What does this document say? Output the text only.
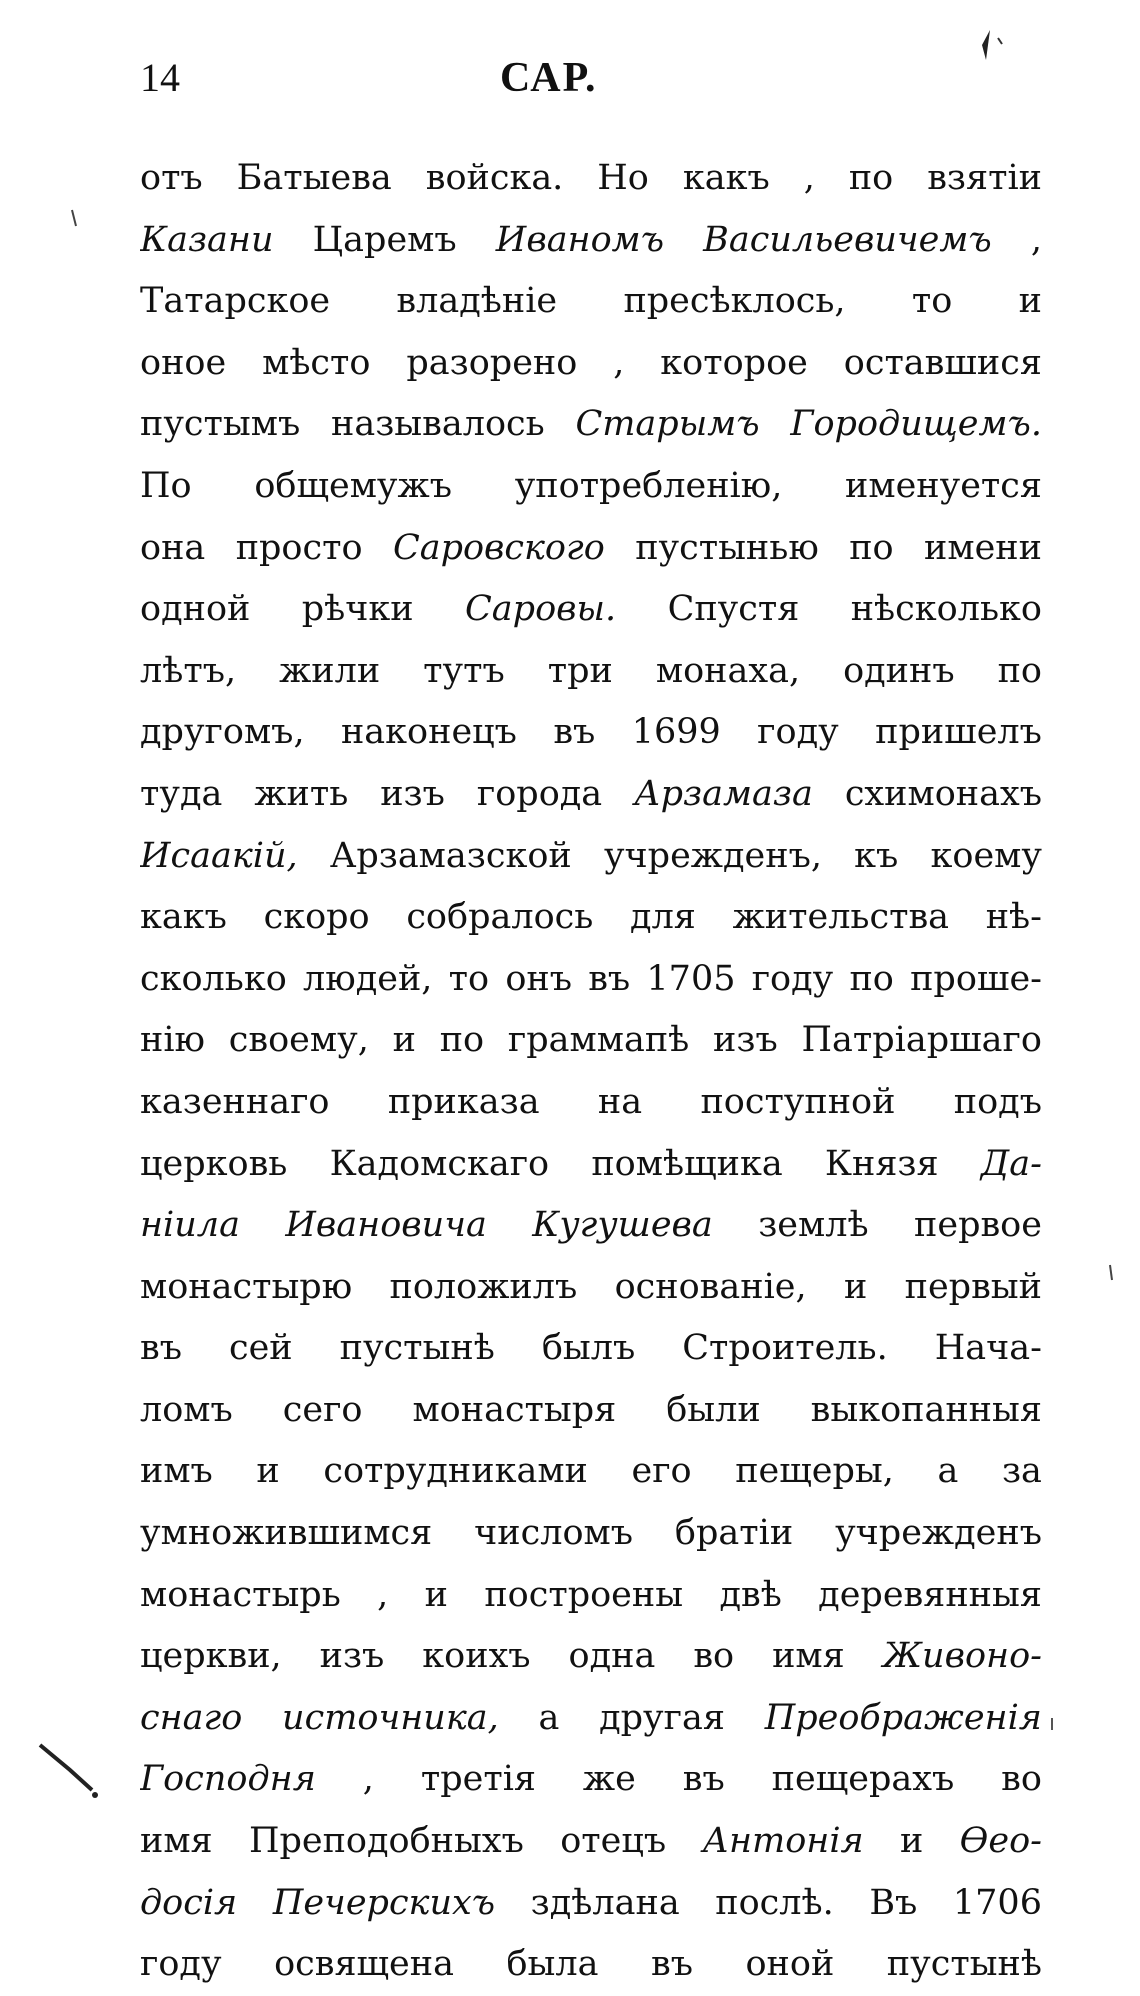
14	САР.
отъ Батыева войска. Но какъ , по взятіи
Казани Царемъ Иваномъ Васильевичемъ ,
Татарское владѣніе пресѣклось, то и
оное мѣсто разорено , которое оставшися
пустымъ называлось Старымъ Городищемъ.
По общемужъ употребленію, именуется
она просто Саровского пустынью по имени
одной рѣчки Саровы. Спустя нѣсколько
лѣтъ, жили тутъ три монаха, одинъ по
другомъ, наконецъ въ 1699 году пришелъ
туда жить изъ города Арзамаза схимонахъ
Исаакій, Арзамазской учрежденъ, къ коему
какъ скоро собралось для жительства нѣ-
сколько людей, то онъ въ 1705 году по проше-
нію своему, и по граммапѣ изъ Патріаршаго
казеннаго приказа на поступной подъ
церковь Кадомскаго помѣщика Князя Да-
ніила Ивановича Кугушева землѣ первое
монастырю положилъ основаніе, и первый
въ сей пустынѣ былъ Строитель. Нача-
ломъ сего монастыря были выкопанныя
имъ и сотрудниками его пещеры, а за
умножившимся числомъ братіи учрежденъ
монастырь , и построены двѣ деревянныя
церкви, изъ коихъ одна во имя Живоно-
снаго источника, а другая Преображенія
Господня , третія же въ пещерахъ во
имя Преподобныхъ отецъ Антонія и Ѳео-
досія Печерскихъ здѣлана послѣ. Въ 1706
году освящена была въ оной пустынѣ
